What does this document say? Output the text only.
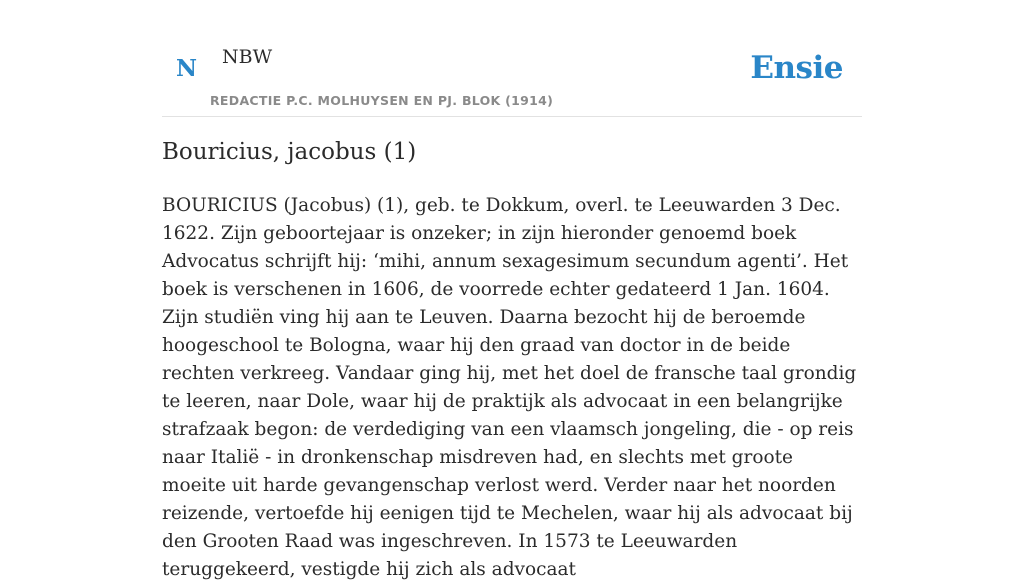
N NBW
REDACTIE P.C. MOLHUYSEN EN PJ. BLOK (1914)
Ensie
Bouricius, jacobus (1)

BOURICIUS (Jacobus) (1), geb. te Dokkum, overl. te Leeuwarden 3 Dec. 1622. Zijn geboortejaar is onzeker; in zijn hieronder genoemd boek Advocatus schrijft hij: ‘mihi, annum sexagesimum secundum agenti’. Het boek is verschenen in 1606, de voorrede echter gedateerd 1 Jan. 1604. Zijn studiën ving hij aan te Leuven. Daarna bezocht hij de beroemde hoogeschool te Bologna, waar hij den graad van doctor in de beide rechten verkreeg. Vandaar ging hij, met het doel de fransche taal grondig te leeren, naar Dole, waar hij de praktijk als advocaat in een belangrijke strafzaak begon: de verdediging van een vlaamsch jongeling, die - op reis naar Italië - in dronkenschap misdreven had, en slechts met groote moeite uit harde gevangenschap verlost werd. Verder naar het noorden reizende, vertoefde hij eenigen tijd te Mechelen, waar hij als advocaat bij den Grooten Raad was ingeschreven. In 1573 te Leeuwarden teruggekeerd, vestigde hij zich als advocaat
